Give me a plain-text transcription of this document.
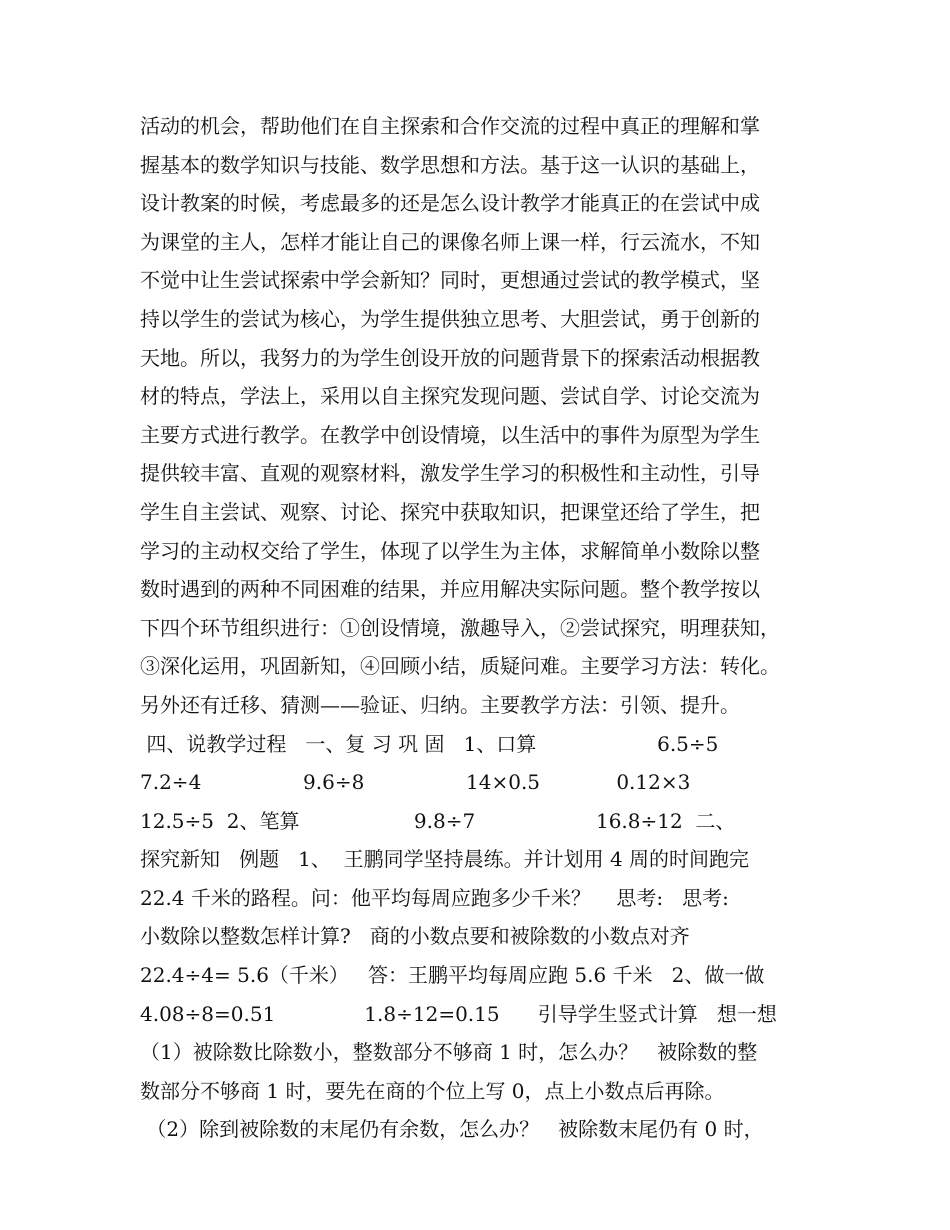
活动的机会，帮助他们在自主探索和合作交流的过程中真正的理解和掌
握基本的数学知识与技能、数学思想和方法。基于这一认识的基础上，
设计教案的时候，考虑最多的还是怎么设计教学才能真正的在尝试中成
为课堂的主人，怎样才能让自己的课像名师上课一样，行云流水，不知
不觉中让生尝试探索中学会新知？同时，更想通过尝试的教学模式，坚
持以学生的尝试为核心，为学生提供独立思考、大胆尝试，勇于创新的
天地。所以，我努力的为学生创设开放的问题背景下的探索活动根据教
材的特点，学法上，采用以自主探究发现问题、尝试自学、讨论交流为
主要方式进行教学。在教学中创设情境，以生活中的事件为原型为学生
提供较丰富、直观的观察材料，激发学生学习的积极性和主动性，引导
学生自主尝试、观察、讨论、探究中获取知识，把课堂还给了学生，把
学习的主动权交给了学生，体现了以学生为主体，求解简单小数除以整
数时遇到的两种不同困难的结果，并应用解决实际问题。整个教学按以
下四个环节组织进行：①创设情境，激趣导入，②尝试探究，明理获知，
③深化运用，巩固新知，④回顾小结，质疑问难。主要学习方法：转化。
另外还有迁移、猜测——验证、归纳。主要教学方法：引领、提升。
四、说教学过程   一、复 习 巩 固   1、口算                   6.5÷5
7.2÷4                9.6÷8                14×0.5            0.12×3
12.5÷5  2、笔算                  9.8÷7                   16.8÷12  二、
探究新知   例题   1、  王鹏同学坚持晨练。并计划用 4 周的时间跑完
22.4 千米的路程。问：他平均每周应跑多少千米？    思考:   思考:
小数除以整数怎样计算?   商的小数点要和被除数的小数点对齐
22.4÷4= 5.6（千米）   答：王鹏平均每周应跑 5.6 千米   2、做一做
4.08÷8=0.51              1.8÷12=0.15      引导学生竖式计算   想一想
（1）被除数比除数小，整数部分不够商 1 时，怎么办？   被除数的整
数部分不够商 1 时，要先在商的个位上写 0，点上小数点后再除。
（2）除到被除数的末尾仍有余数，怎么办？   被除数末尾仍有 0 时，
